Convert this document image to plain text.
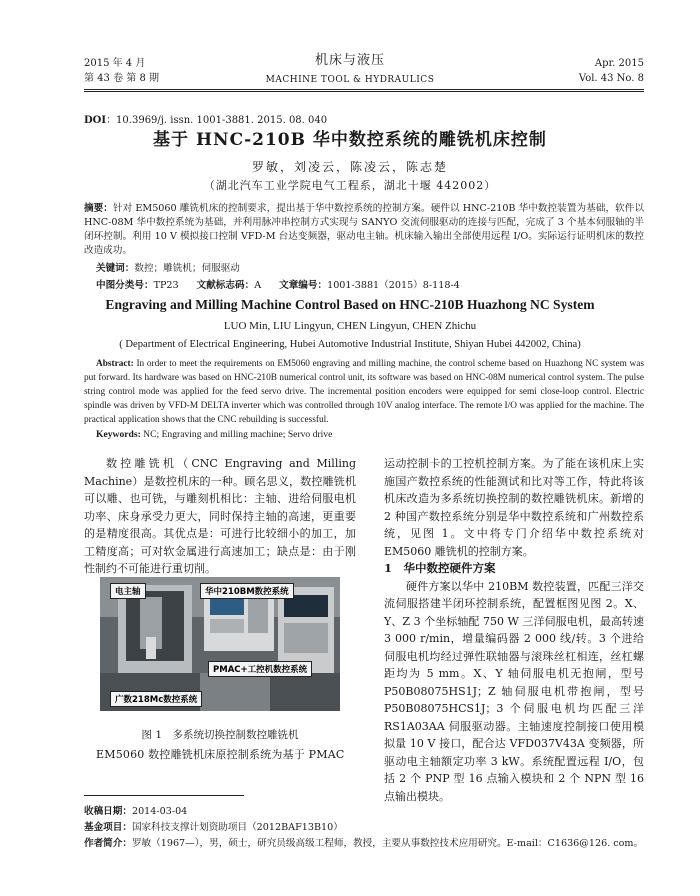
2015 年 4 月
第 43 卷 第 8 期
机床与液压
MACHINE TOOL & HYDRAULICS
Apr. 2015
Vol. 43 No. 8
DOI：10.3969/j. issn. 1001-3881. 2015. 08. 040
基于 HNC-210B 华中数控系统的雕铣机床控制
罗敏，刘凌云，陈凌云，陈志楚
（湖北汽车工业学院电气工程系，湖北十堰 442002）
摘要：针对 EM5060 雕铣机床的控制要求，提出基于华中数控系统的控制方案。硬件以 HNC-210B 华中数控装置为基础，软件以 HNC-08M 华中数控系统为基础，并利用脉冲串控制方式实现与 SANYO 交流伺服驱动的连接与匹配，完成了 3 个基本伺服轴的半闭环控制。利用 10 V 模拟接口控制 VFD-M 台达变频器，驱动电主轴。机床输入输出全部使用远程 I/O。实际运行证明机床的数控改造成功。
关键词：数控；雕铣机；伺服驱动
中图分类号：TP23 文献标志码：A 文章编号：1001-3881（2015）8-118-4
Engraving and Milling Machine Control Based on HNC-210B Huazhong NC System
LUO Min, LIU Lingyun, CHEN Lingyun, CHEN Zhichu
( Department of Electrical Engineering, Hubei Automotive Industrial Institute, Shiyan Hubei 442002, China)
Abstract: In order to meet the requirements on EM5060 engraving and milling machine, the control scheme based on Huazhong NC system was put forward. Its hardware was based on HNC-210B numerical control unit, its software was based on HNC-08M numerical control system. The pulse string control mode was applied for the feed servo drive. The incremental position encoders were equipped for semi close-loop control. Electric spindle was driven by VFD-M DELTA inverter which was controlled through 10V analog interface. The remote I/O was applied for the machine. The practical application shows that the CNC rebuilding is successful.
Keywords: NC; Engraving and milling machine; Servo drive

数控雕铣机（CNC Engraving and Milling Machine）是数控机床的一种。顾名思义，数控雕铣机可以雕、也可铣，与雕刻机相比：主轴、进给伺服电机功率、床身承受力更大，同时保持主轴的高速，更重要的是精度很高。其优点是：可进行比较细小的加工，加工精度高；可对软金属进行高速加工；缺点是：由于刚性制约不可能进行重切削。

电主轴	华中210BM数控系统
PMAC+工控机数控系统
广数218Mc数控系统
图 1　多系统切换控制数控雕铣机
EM5060 数控雕铣机床原控制系统为基于 PMAC

运动控制卡的工控机控制方案。为了能在该机床上实施国产数控系统的性能测试和比对等工作，特此将该机床改造为多系统切换控制的数控雕铣机床。新增的 2 种国产数控系统分别是华中数控系统和广州数控系统，见图 1。文中将专门介绍华中数控系统对 EM5060 雕铣机的控制方案。

1　华中数控硬件方案

硬件方案以华中 210BM 数控装置，匹配三洋交流伺服搭建半闭环控制系统，配置框图见图 2。X、Y、Z 3 个坐标轴配 750 W 三洋伺服电机，最高转速 3 000 r/min，增量编码器 2 000 线/转。3 个进给伺服电机均经过弹性联轴器与滚珠丝杠相连，丝杠螺距均为 5 mm。X、Y 轴伺服电机无抱闸，型号 P50B08075HS1J；Z 轴伺服电机带抱闸，型号 P50B08075HCS1J；3 个伺服电机均匹配三洋 RS1A03AA 伺服驱动器。主轴速度控制接口使用模拟量 10 V 接口，配合达 VFD037V43A 变频器，所驱动电主轴额定功率 3 kW。系统配置远程 I/O，包括 2 个 PNP 型 16 点输入模块和 2 个 NPN 型 16 点输出模块。

收稿日期：2014-03-04
基金项目：国家科技支撑计划资助项目（2012BAF13B10）
作者简介：罗敏（1967—），男，硕士，研究员级高级工程师，教授，主要从事数控技术应用研究。E-mail：C1636@126. com。
